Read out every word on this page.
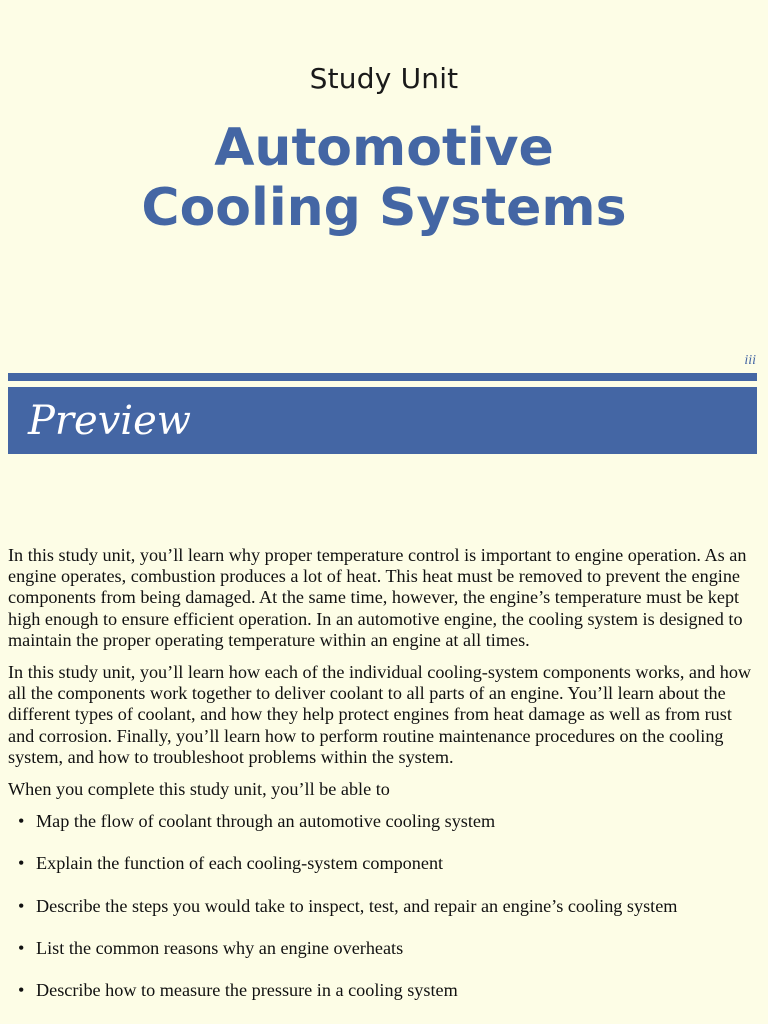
Study Unit
Automotive
Cooling Systems
iii
Preview

In this study unit, you’ll learn why proper temperature control is important to engine operation. As an engine operates, combustion produces a lot of heat. This heat must be removed to prevent the engine components from being damaged. At the same time, however, the engine’s temperature must be kept high enough to ensure efficient operation. In an automotive engine, the cooling system is designed to maintain the proper operating temperature within an engine at all times.

In this study unit, you’ll learn how each of the individual cooling-system components works, and how all the components work together to deliver coolant to all parts of an engine. You’ll learn about the different types of coolant, and how they help protect engines from heat damage as well as from rust and corrosion. Finally, you’ll learn how to perform routine maintenance procedures on the cooling system, and how to troubleshoot problems within the system.

When you complete this study unit, you’ll be able to

• Map the flow of coolant through an automotive cooling system
• Explain the function of each cooling-system component
• Describe the steps you would take to inspect, test, and repair an engine’s cooling system
• List the common reasons why an engine overheats
• Describe how to measure the pressure in a cooling system
